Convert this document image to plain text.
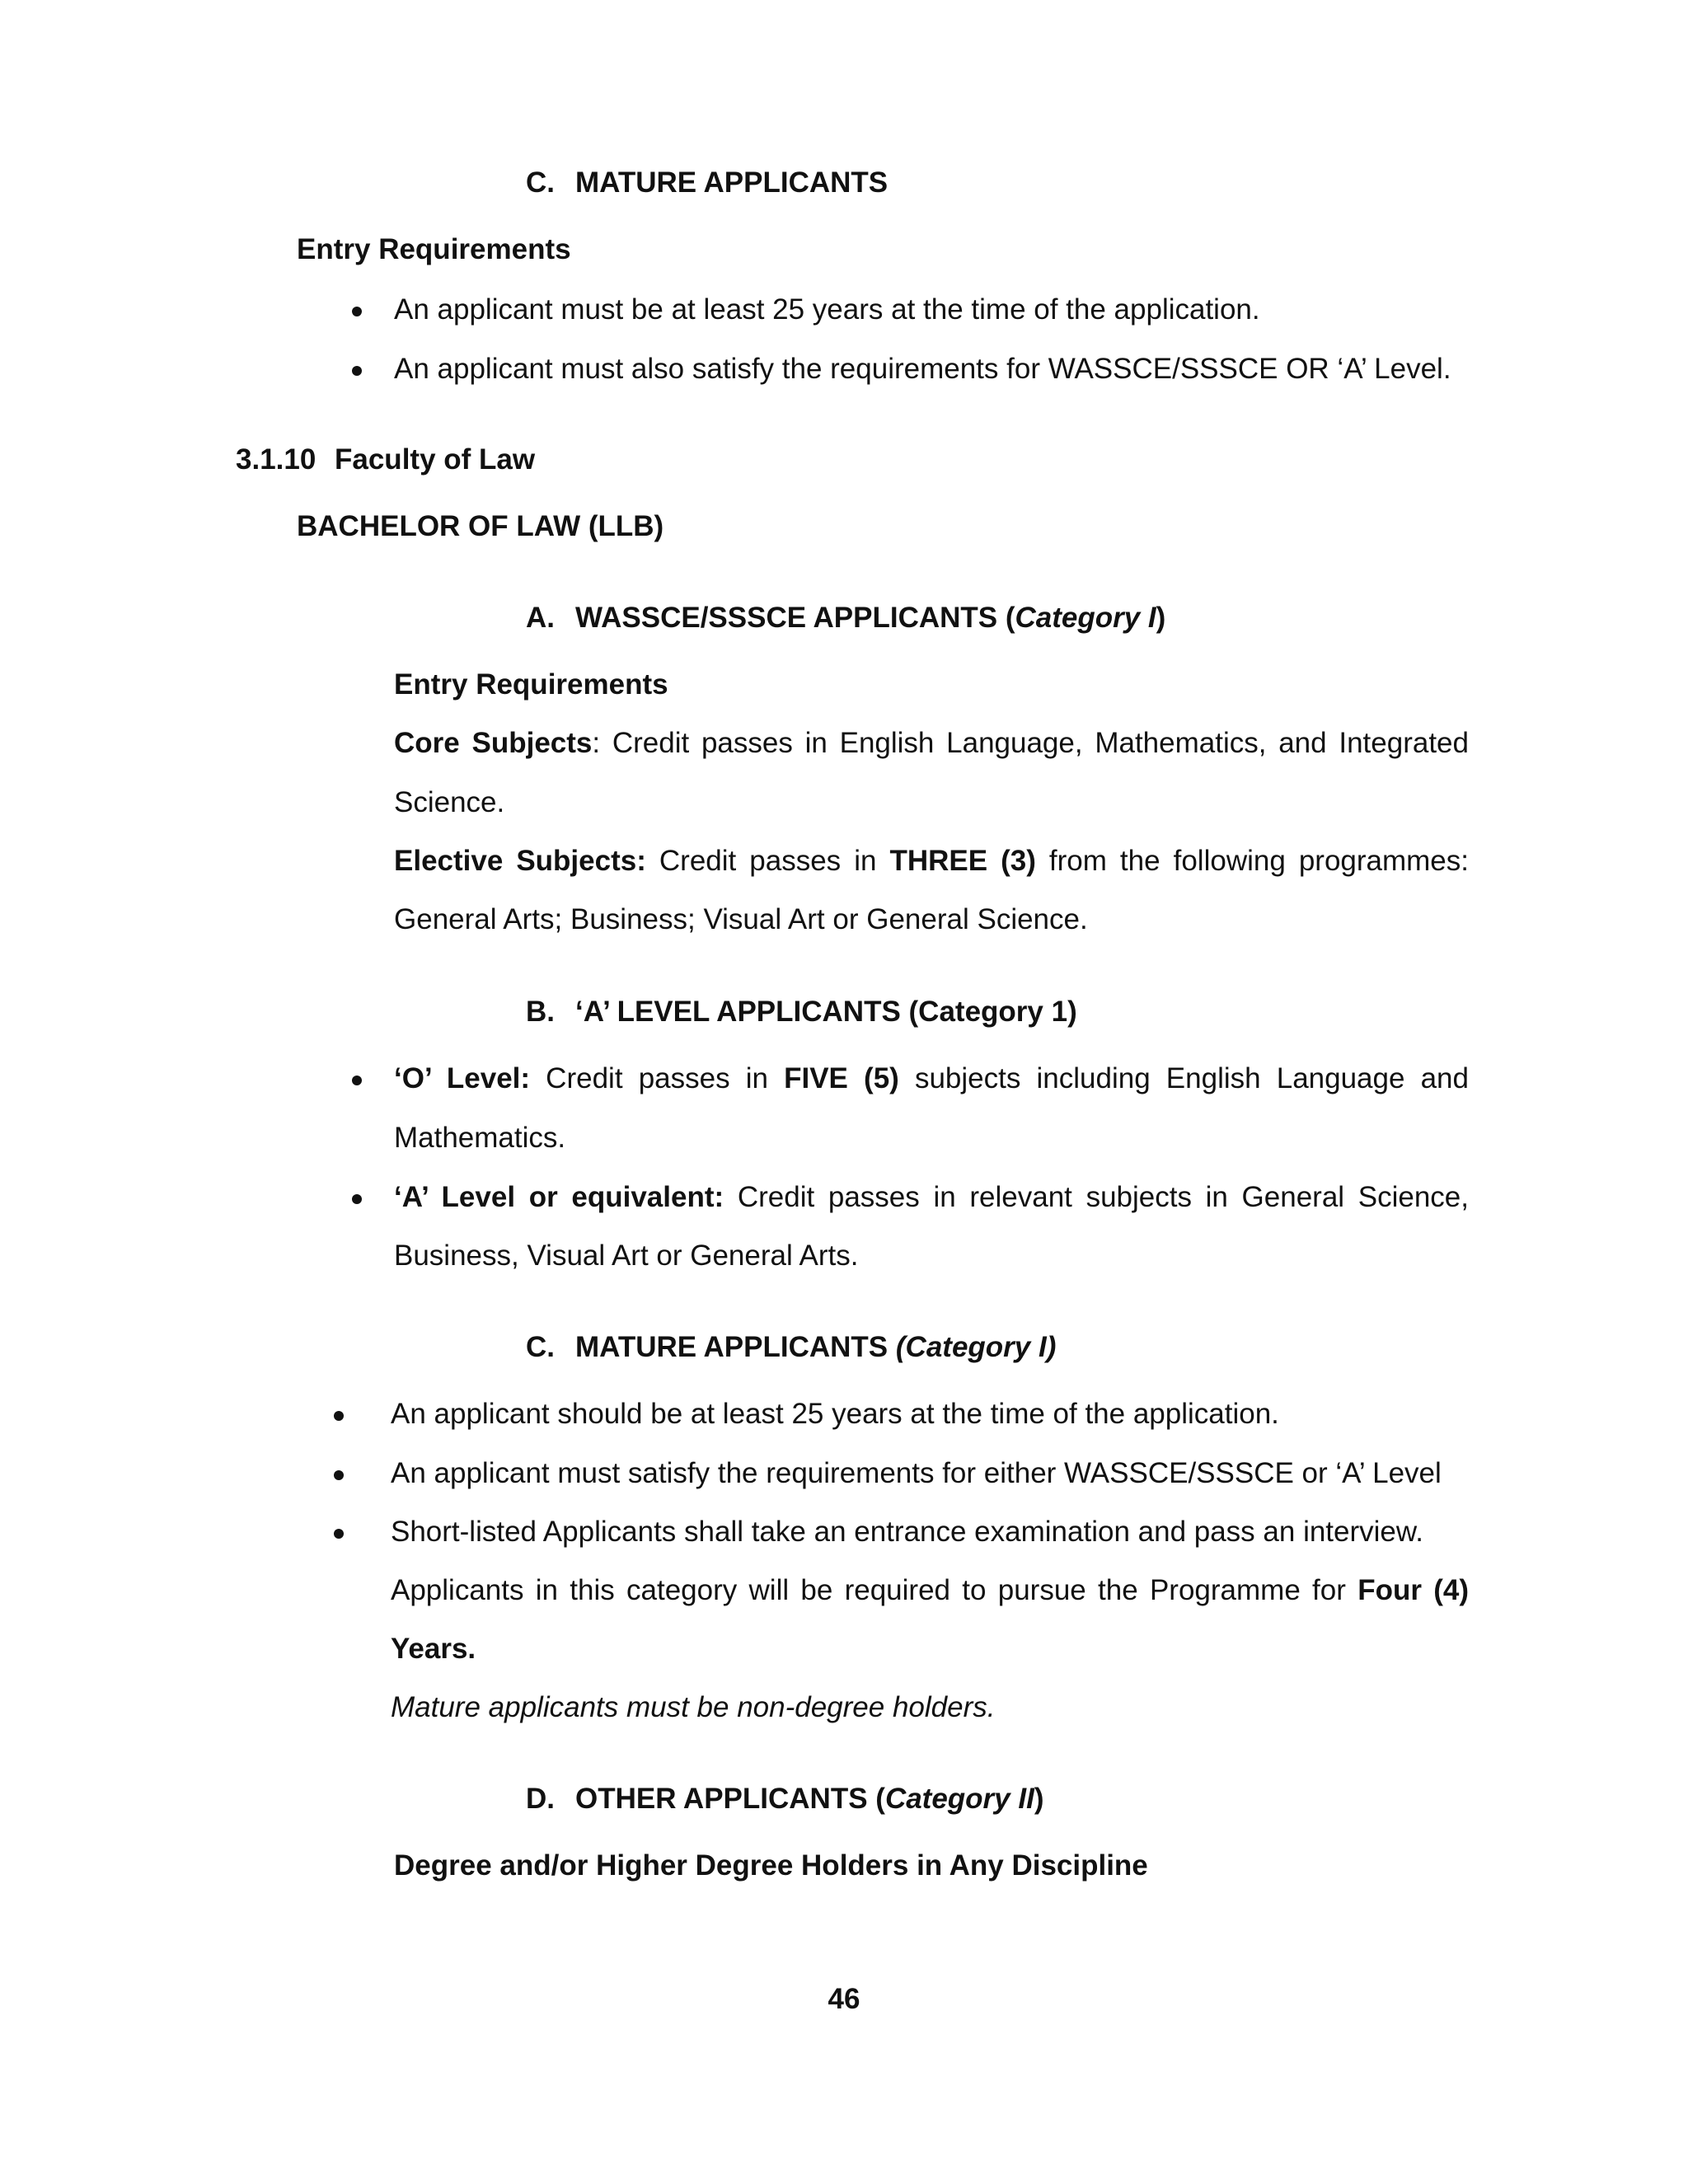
C. MATURE APPLICANTS
Entry Requirements
An applicant must be at least 25 years at the time of the application.
An applicant must also satisfy the requirements for WASSCE/SSSCE OR ‘A’ Level.
3.1.10 Faculty of Law
BACHELOR OF LAW (LLB)
A. WASSCE/SSSCE APPLICANTS (Category I)
Entry Requirements
Core Subjects: Credit passes in English Language, Mathematics, and Integrated
Science.
Elective Subjects: Credit passes in THREE (3) from the following programmes:
General Arts; Business; Visual Art or General Science.
B. ‘A’ LEVEL APPLICANTS (Category 1)
‘O’ Level: Credit passes in FIVE (5) subjects including English Language and
Mathematics.
‘A’ Level or equivalent: Credit passes in relevant subjects in General Science,
Business, Visual Art or General Arts.
C. MATURE APPLICANTS (Category I)
An applicant should be at least 25 years at the time of the application.
An applicant must satisfy the requirements for either WASSCE/SSSCE or ‘A’ Level
Short-listed Applicants shall take an entrance examination and pass an interview.
Applicants in this category will be required to pursue the Programme for Four (4)
Years.
Mature applicants must be non-degree holders.
D. OTHER APPLICANTS (Category II)
Degree and/or Higher Degree Holders in Any Discipline
46
